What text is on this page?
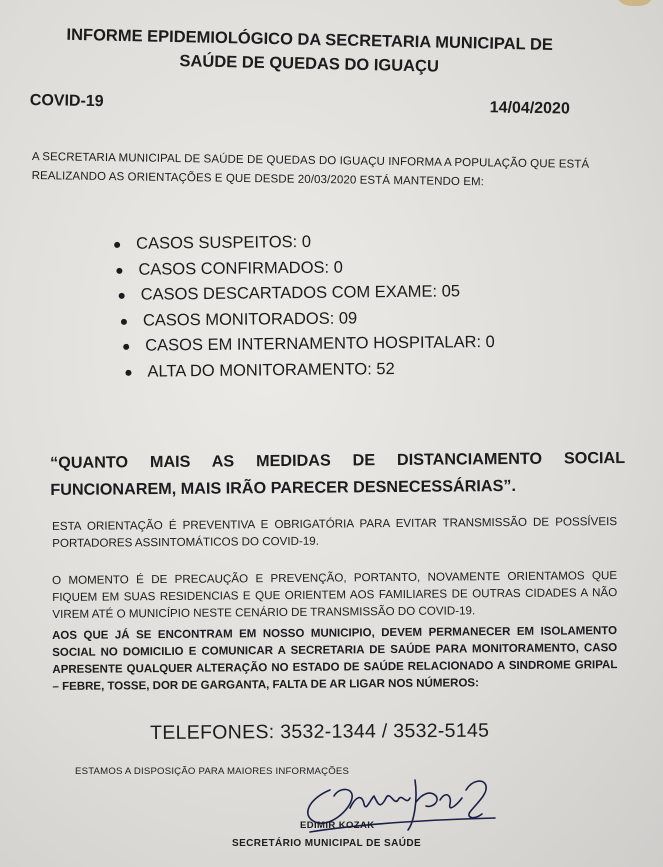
INFORME EPIDEMIOLÓGICO DA SECRETARIA MUNICIPAL DE
SAÚDE DE QUEDAS DO IGUAÇU
COVID-19	14/04/2020
A SECRETARIA MUNICIPAL DE SAÚDE DE QUEDAS DO IGUAÇU INFORMA A POPULAÇÃO QUE ESTÁ REALIZANDO AS ORIENTAÇÕES E QUE DESDE 20/03/2020 ESTÁ MANTENDO EM:
CASOS SUSPEITOS: 0
CASOS CONFIRMADOS: 0
CASOS DESCARTADOS COM EXAME: 05
CASOS MONITORADOS: 09
CASOS EM INTERNAMENTO HOSPITALAR: 0
ALTA DO MONITORAMENTO: 52
“QUANTO MAIS AS MEDIDAS DE DISTANCIAMENTO SOCIAL FUNCIONAREM, MAIS IRÃO PARECER DESNECESSÁRIAS”.
ESTA ORIENTAÇÃO É PREVENTIVA E OBRIGATÓRIA PARA EVITAR TRANSMISSÃO DE POSSÍVEIS PORTADORES ASSINTOMÁTICOS DO COVID-19.
O MOMENTO É DE PRECAUÇÃO E PREVENÇÃO, PORTANTO, NOVAMENTE ORIENTAMOS QUE FIQUEM EM SUAS RESIDENCIAS E QUE ORIENTEM AOS FAMILIARES DE OUTRAS CIDADES A NÃO VIREM ATÉ O MUNICÍPIO NESTE CENÁRIO DE TRANSMISSÃO DO COVID-19.
AOS QUE JÁ SE ENCONTRAM EM NOSSO MUNICIPIO, DEVEM PERMANECER EM ISOLAMENTO SOCIAL NO DOMICILIO E COMUNICAR A SECRETARIA DE SAÚDE PARA MONITORAMENTO, CASO APRESENTE QUALQUER ALTERAÇÃO NO ESTADO DE SAÚDE RELACIONADO A SINDROME GRIPAL – FEBRE, TOSSE, DOR DE GARGANTA, FALTA DE AR LIGAR NOS NÚMEROS:
TELEFONES: 3532-1344 / 3532-5145
ESTAMOS A DISPOSIÇÃO PARA MAIORES INFORMAÇÕES
EDIMIR KOZAK
SECRETÁRIO MUNICIPAL DE SAÚDE
